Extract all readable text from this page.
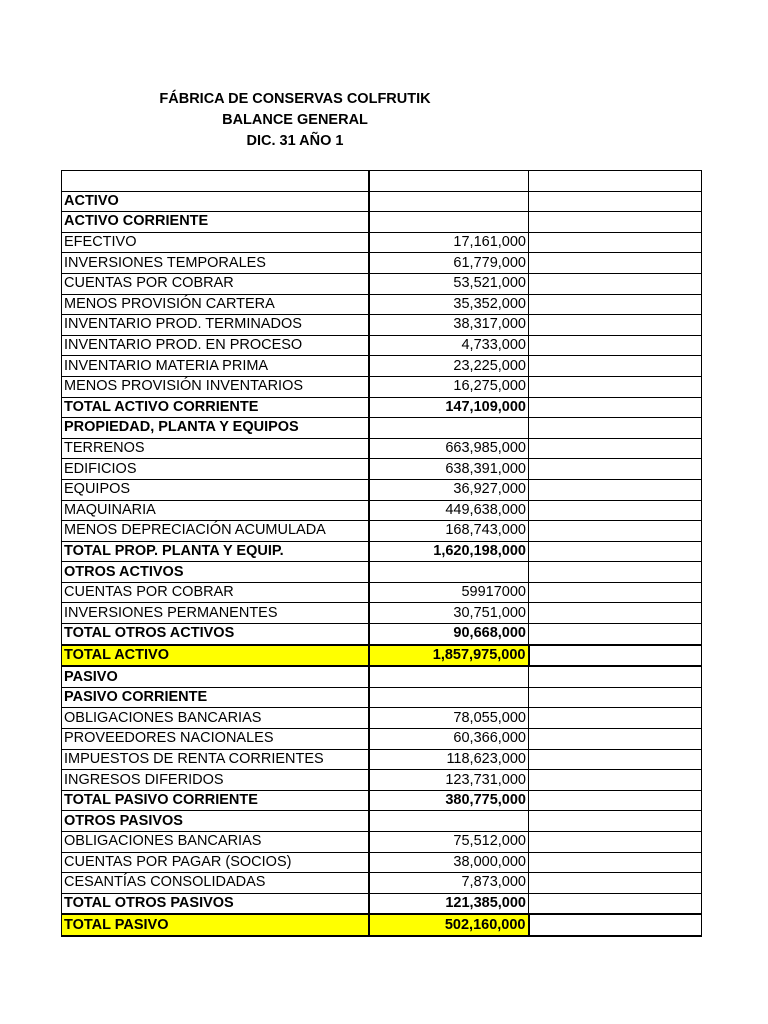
FÁBRICA DE CONSERVAS COLFRUTIK
BALANCE GENERAL
DIC. 31 AÑO 1

ACTIVO		
ACTIVO CORRIENTE		
EFECTIVO	17,161,000	
INVERSIONES TEMPORALES	61,779,000	
CUENTAS POR COBRAR	53,521,000	
MENOS PROVISIÓN CARTERA	35,352,000	
INVENTARIO PROD. TERMINADOS	38,317,000	
INVENTARIO PROD. EN PROCESO	4,733,000	
INVENTARIO MATERIA PRIMA	23,225,000	
MENOS PROVISIÓN INVENTARIOS	16,275,000	
TOTAL ACTIVO CORRIENTE	147,109,000	
PROPIEDAD, PLANTA Y EQUIPOS		
TERRENOS	663,985,000	
EDIFICIOS	638,391,000	
EQUIPOS	36,927,000	
MAQUINARIA	449,638,000	
MENOS DEPRECIACIÓN ACUMULADA	168,743,000	
TOTAL PROP. PLANTA Y EQUIP.	1,620,198,000	
OTROS ACTIVOS		
CUENTAS POR COBRAR	59917000	
INVERSIONES PERMANENTES	30,751,000	
TOTAL OTROS ACTIVOS	90,668,000	
TOTAL ACTIVO	1,857,975,000	
PASIVO		
PASIVO CORRIENTE		
OBLIGACIONES BANCARIAS	78,055,000	
PROVEEDORES NACIONALES	60,366,000	
IMPUESTOS DE RENTA CORRIENTES	118,623,000	
INGRESOS DIFERIDOS	123,731,000	
TOTAL PASIVO CORRIENTE	380,775,000	
OTROS PASIVOS		
OBLIGACIONES BANCARIAS	75,512,000	
CUENTAS POR PAGAR (SOCIOS)	38,000,000	
CESANTÍAS CONSOLIDADAS	7,873,000	
TOTAL OTROS PASIVOS	121,385,000	
TOTAL PASIVO	502,160,000	
